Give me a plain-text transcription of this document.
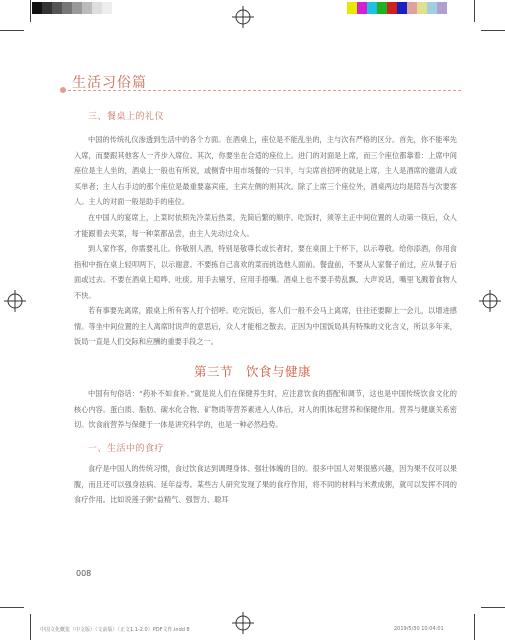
生活习俗篇
三、餐桌上的礼仪

中国的传统礼仪渗透到生活中的各个方面。在酒桌上，座位是不能乱坐的，主与次有严格的区分。首先，你不能率先入席，而要跟其他客人一齐步入席位。其次，你要坐在合适的座位上。进门的对面是上席，而三个座位都靠着：上席中间座位是主人坐的，酒桌上一般也有所说，或侧背中用市场餐的一只半，与尖席首招呼的就是上席，主人是酒席的邀请人或买单者；主人右手边的那个座位是最重要嘉宾座，主宾左侧的则其次。除了上席三个座位外，酒桌两边均是陪吾与次要客人。主人的对面一般是助手的座位。

在中国人的宴席上，上菜时依照先冷菜后热菜，先简后繁的顺序。吃饭时，须等主正中间位置的人动第一筷后，众人才能跟着去夹菜，每一种菜都品尝，由主人先动过众人。

到人家作客，你需要礼让。你敬别人酒，特别是敬尊长或长者时，要在桌面上干杯下，以示尊敬。给你添酒，你用食指和中指在桌上轻叩两下，以示谢意。不要拣自己喜欢的菜而挑选他人面前。餐盘前，不要从人家餐子前过，应从餐子后面或过去。不要在酒桌上喧哗、吐痰。用手去剔牙，应用手捂嘴。酒桌上也不要手势乱飘、大声说话，嘴里飞溅着食物人不快。

若有事要先离席，跟桌上所有客人打个招呼。吃完饭后，客人们一般不会马上离席，往往还要聊上一会儿，以增进感情。等坐中间位置的主人离席时说声的意思后，众人才能相之散去。正因为中国饭局具有特殊的文化含义，所以多年来，饭局一直是人们交际和应酬的重要手段之一。

第三节　饮食与健康

中国有句俗话：“药补不如食补。”就是说人们在保健养生时，应注意饮食的搭配和调节，这也是中国传统饮食文化的核心内容。蛋白质、脂肪、碳水化合物、矿物质等营养素进入人体后，对人的肌体起营养和保健作用。营养与健康关系密切。饮食前营养与保健于一体是讲究科学的，也是一种必然趋势。

一、生活中的食疗

食疗是中国人的传统习惯，食过饮食达到调理身体、强壮体魄的目的。很多中国人对果很感兴趣，因为果不仅可以果腹，而且还可以强身祛病、延年益寿。某些古人研究发现了果的食疗作用，将不同的材料与米煮成粥，就可以发挥不同的食疗作用。比如说莲子粥“益精气、强智力、聪耳

008
中国文化概览（中文版）（文前版）（正文1.1-2.0）PDF文件.indd 8	2019/5/30 10:04:01
